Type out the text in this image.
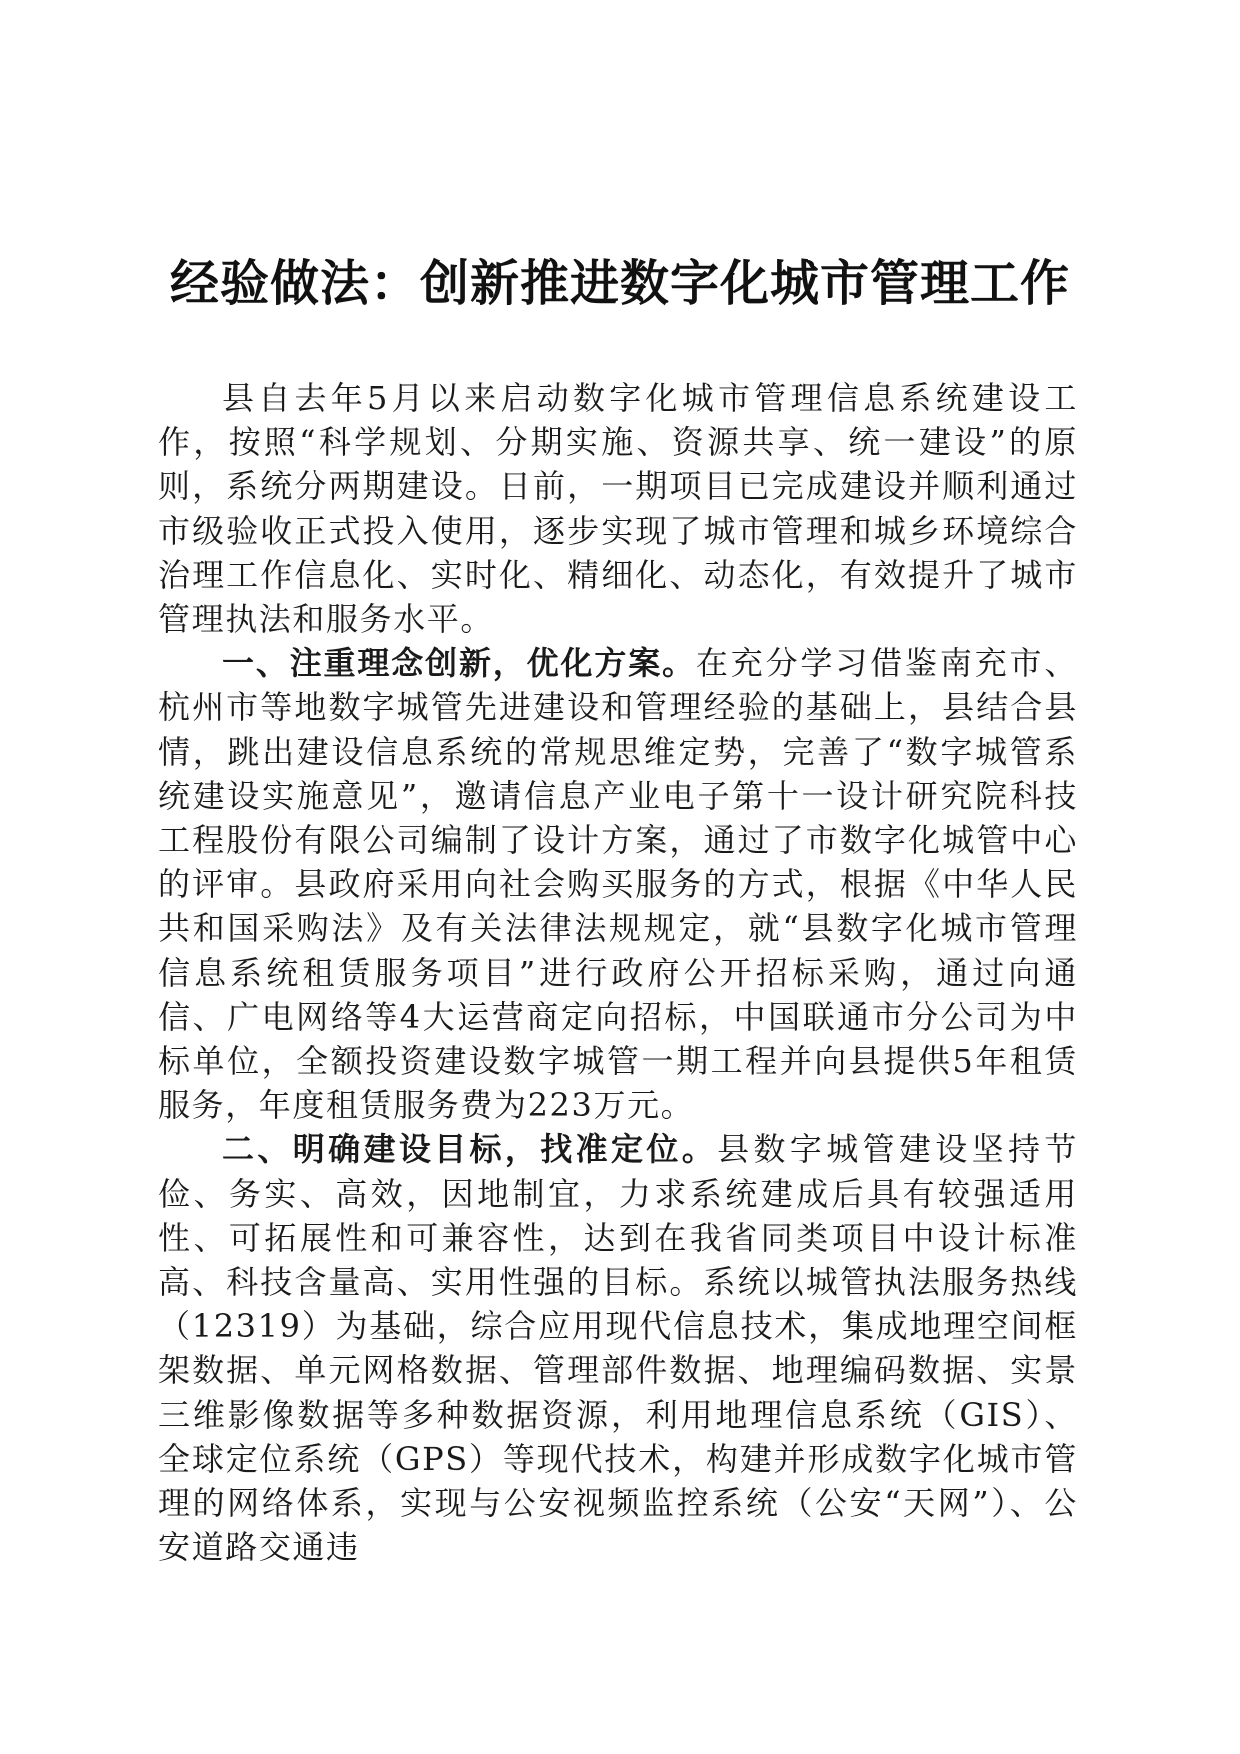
经验做法：创新推进数字化城市管理工作

县自去年5月以来启动数字化城市管理信息系统建设工作，按照“科学规划、分期实施、资源共享、统一建设”的原则，系统分两期建设。日前，一期项目已完成建设并顺利通过市级验收正式投入使用，逐步实现了城市管理和城乡环境综合治理工作信息化、实时化、精细化、动态化，有效提升了城市管理执法和服务水平。

一、注重理念创新，优化方案。在充分学习借鉴南充市、杭州市等地数字城管先进建设和管理经验的基础上，县结合县情，跳出建设信息系统的常规思维定势，完善了“数字城管系统建设实施意见”，邀请信息产业电子第十一设计研究院科技工程股份有限公司编制了设计方案，通过了市数字化城管中心的评审。县政府采用向社会购买服务的方式，根据《中华人民共和国采购法》及有关法律法规规定，就“县数字化城市管理信息系统租赁服务项目”进行政府公开招标采购，通过向通信、广电网络等4大运营商定向招标，中国联通市分公司为中标单位，全额投资建设数字城管一期工程并向县提供5年租赁服务，年度租赁服务费为223万元。

二、明确建设目标，找准定位。县数字城管建设坚持节俭、务实、高效，因地制宜，力求系统建成后具有较强适用性、可拓展性和可兼容性，达到在我省同类项目中设计标准高、科技含量高、实用性强的目标。系统以城管执法服务热线（12319）为基础，综合应用现代信息技术，集成地理空间框架数据、单元网格数据、管理部件数据、地理编码数据、实景三维影像数据等多种数据资源，利用地理信息系统（GIS）、全球定位系统（GPS）等现代技术，构建并形成数字化城市管理的网络体系，实现与公安视频监控系统（公安“天网”）、公安道路交通违
